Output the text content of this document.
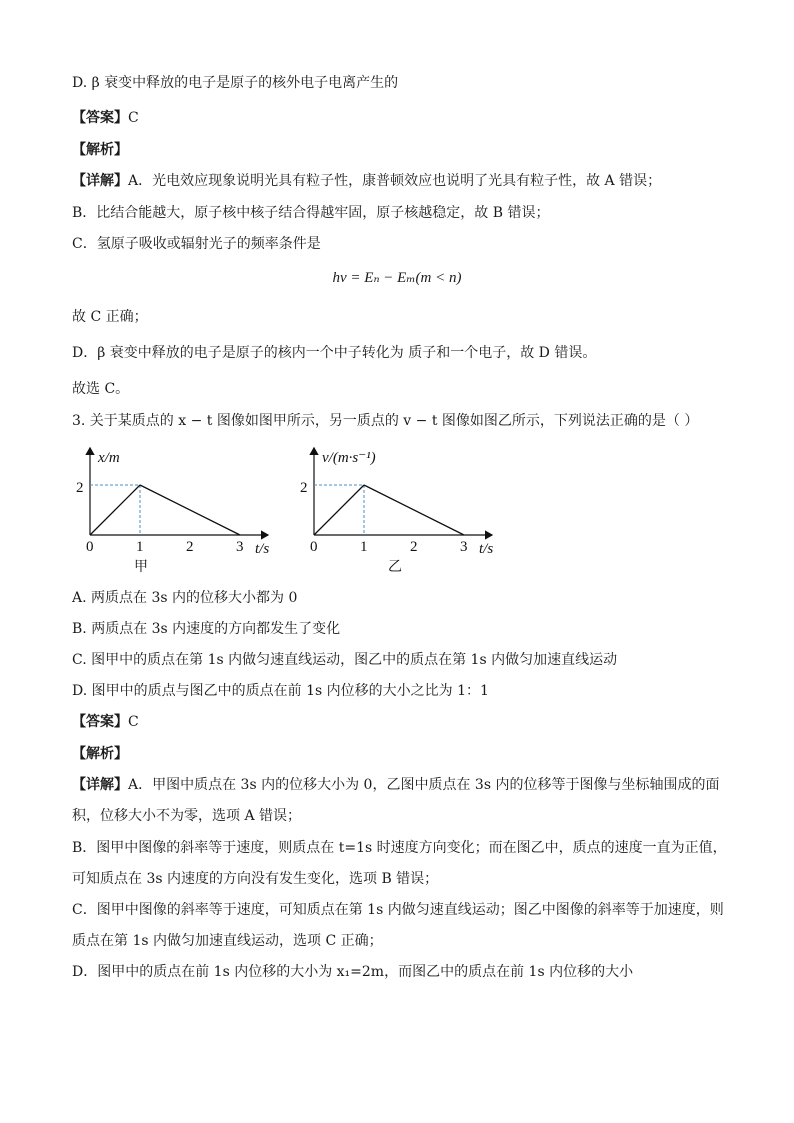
D. β 衰变中释放的电子是原子的核外电子电离产生的
【答案】C
【解析】
【详解】A．光电效应现象说明光具有粒子性，康普顿效应也说明了光具有粒子性，故 A 错误；
B．比结合能越大，原子核中核子结合得越牢固，原子核越稳定，故 B 错误；
C．氢原子吸收或辐射光子的频率条件是
hν = Eₙ − Eₘ(m < n)
故 C 正确；
D．β 衰变中释放的电子是原子的核内一个中子转化为 质子和一个电子，故 D 错误。
故选 C。
3. 关于某质点的 x − t 图像如图甲所示，另一质点的 v − t 图像如图乙所示，下列说法正确的是（ ）
x/m
t/s
2
0	1	2	3
甲
v/(m·s⁻¹)
t/s
2
0	1	2	3
乙
A. 两质点在 3s 内的位移大小都为 0
B. 两质点在 3s 内速度的方向都发生了变化
C. 图甲中的质点在第 1s 内做匀速直线运动，图乙中的质点在第 1s 内做匀加速直线运动
D. 图甲中的质点与图乙中的质点在前 1s 内位移的大小之比为 1：1
【答案】C
【解析】
【详解】A．甲图中质点在 3s 内的位移大小为 0，乙图中质点在 3s 内的位移等于图像与坐标轴围成的面
积，位移大小不为零，选项 A 错误；
B．图甲中图像的斜率等于速度，则质点在 t=1s 时速度方向变化；而在图乙中，质点的速度一直为正值，
可知质点在 3s 内速度的方向没有发生变化，选项 B 错误；
C．图甲中图像的斜率等于速度，可知质点在第 1s 内做匀速直线运动；图乙中图像的斜率等于加速度，则
质点在第 1s 内做匀加速直线运动，选项 C 正确；
D．图甲中的质点在前 1s 内位移的大小为 x₁=2m，而图乙中的质点在前 1s 内位移的大小
